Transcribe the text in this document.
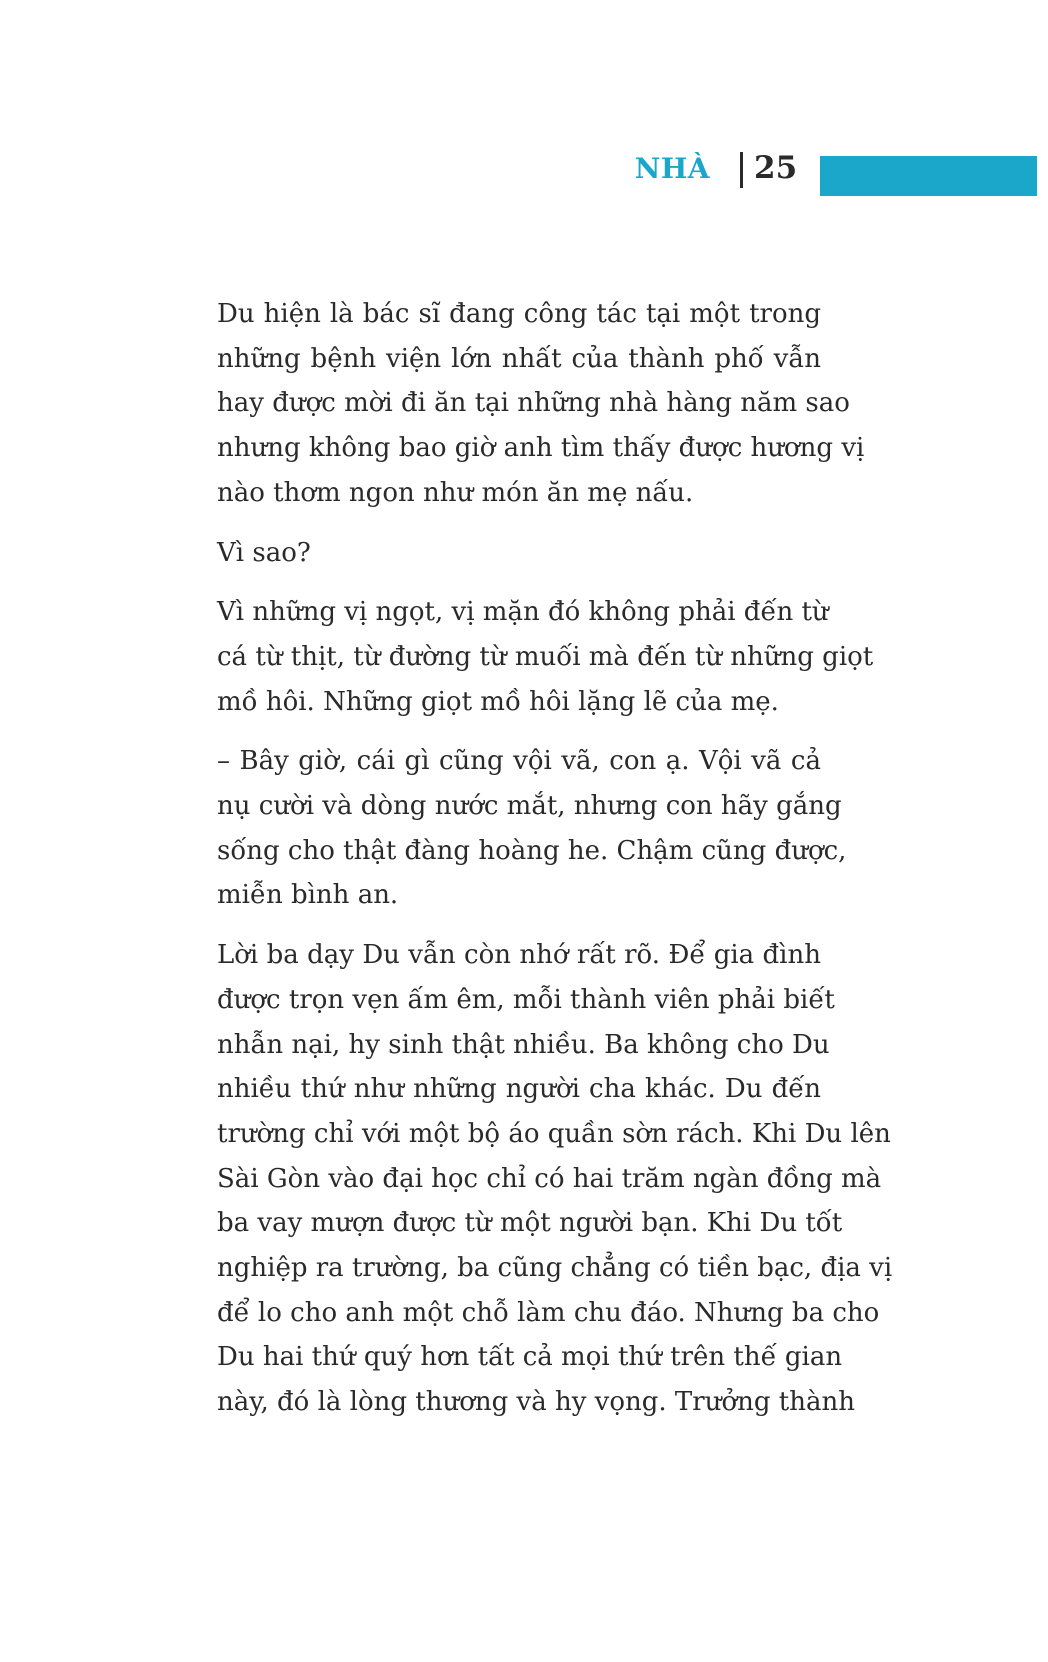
NHÀ 25

Du hiện là bác sĩ đang công tác tại một trong
những bệnh viện lớn nhất của thành phố vẫn
hay được mời đi ăn tại những nhà hàng năm sao
nhưng không bao giờ anh tìm thấy được hương vị
nào thơm ngon như món ăn mẹ nấu.

Vì sao?

Vì những vị ngọt, vị mặn đó không phải đến từ
cá từ thịt, từ đường từ muối mà đến từ những giọt
mồ hôi. Những giọt mồ hôi lặng lẽ của mẹ.

– Bây giờ, cái gì cũng vội vã, con ạ. Vội vã cả
nụ cười và dòng nước mắt, nhưng con hãy gắng
sống cho thật đàng hoàng he. Chậm cũng được,
miễn bình an.

Lời ba dạy Du vẫn còn nhớ rất rõ. Để gia đình
được trọn vẹn ấm êm, mỗi thành viên phải biết
nhẫn nại, hy sinh thật nhiều. Ba không cho Du
nhiều thứ như những người cha khác. Du đến
trường chỉ với một bộ áo quần sờn rách. Khi Du lên
Sài Gòn vào đại học chỉ có hai trăm ngàn đồng mà
ba vay mượn được từ một người bạn. Khi Du tốt
nghiệp ra trường, ba cũng chẳng có tiền bạc, địa vị
để lo cho anh một chỗ làm chu đáo. Nhưng ba cho
Du hai thứ quý hơn tất cả mọi thứ trên thế gian
này, đó là lòng thương và hy vọng. Trưởng thành
